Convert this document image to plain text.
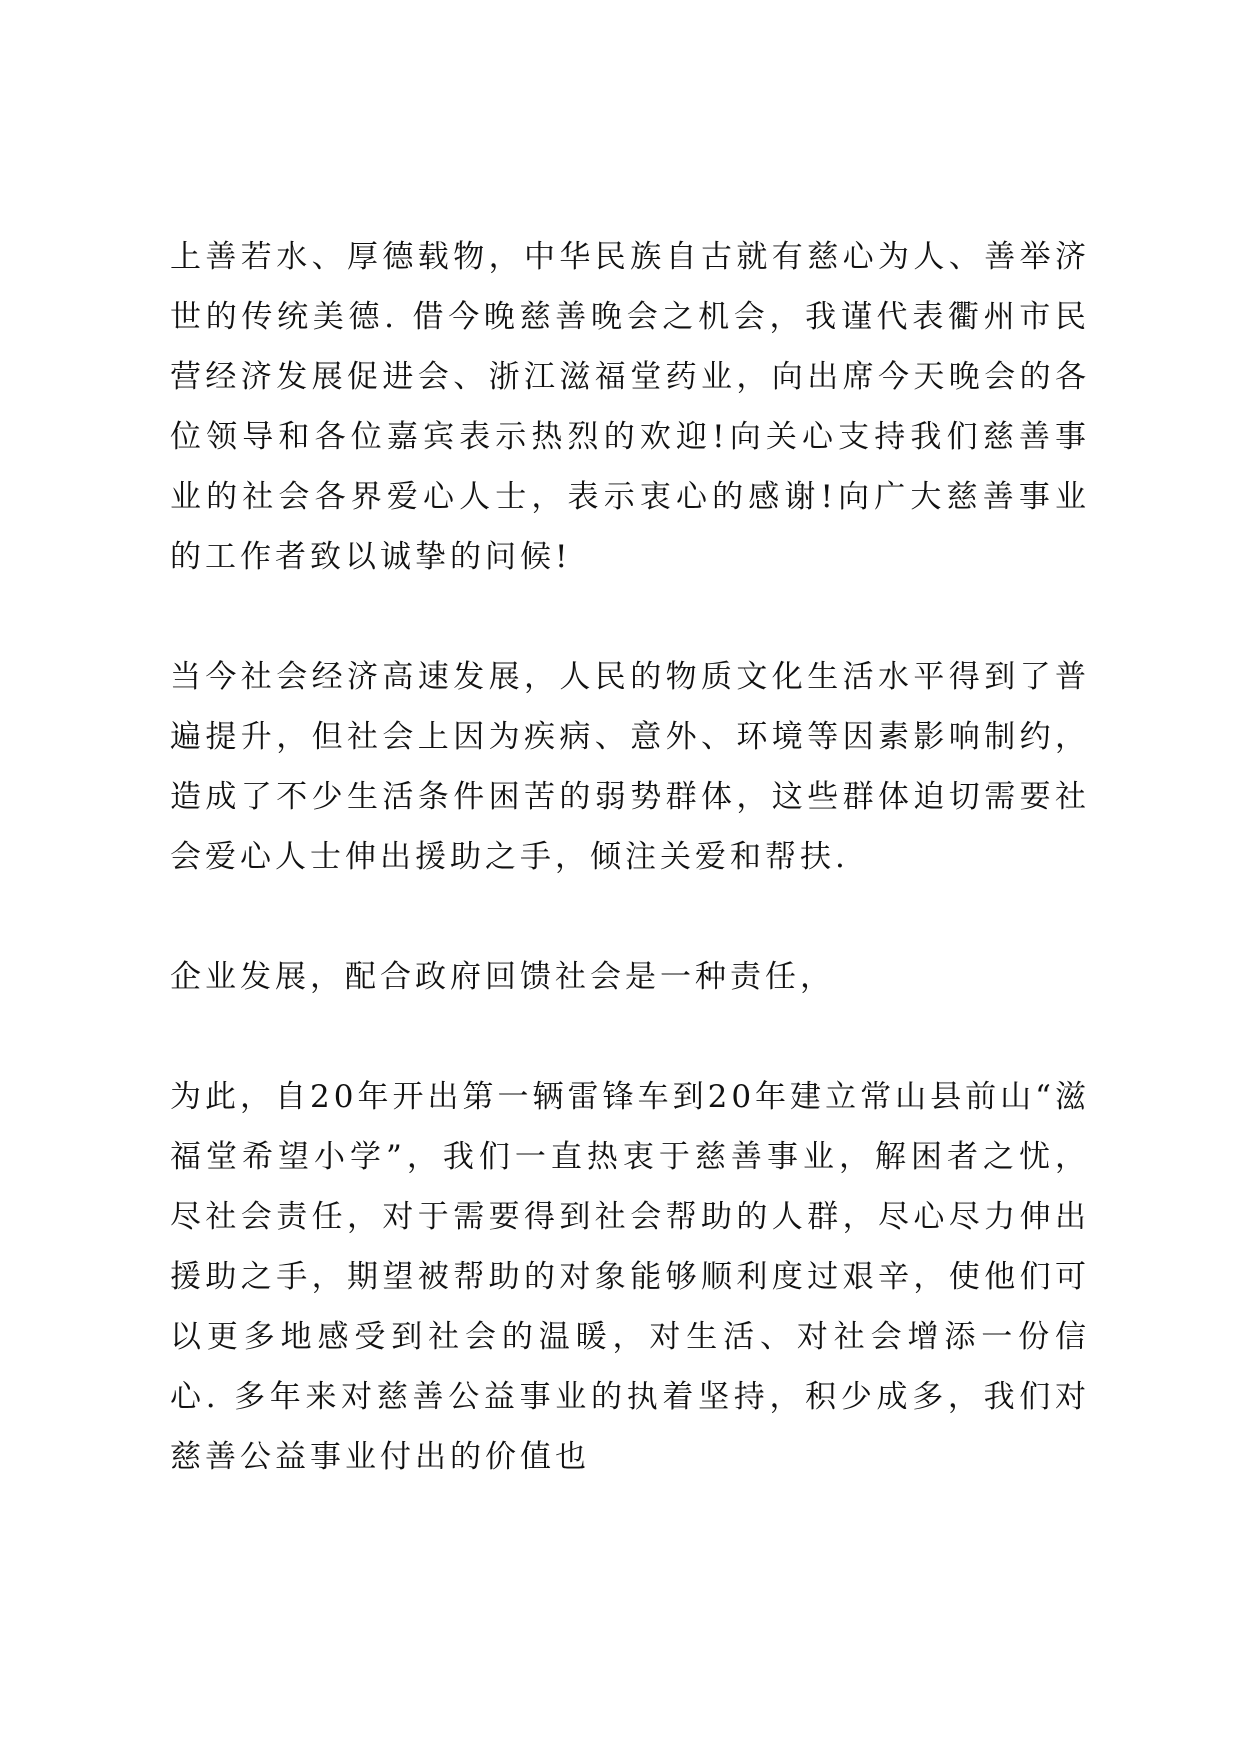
上善若水、厚德载物，中华民族自古就有慈心为人、善举济世的传统美德. 借今晚慈善晚会之机会，我谨代表衢州市民营经济发展促进会、浙江滋福堂药业，向出席今天晚会的各位领导和各位嘉宾表示热烈的欢迎!向关心支持我们慈善事业的社会各界爱心人士，表示衷心的感谢!向广大慈善事业的工作者致以诚挚的问候!

当今社会经济高速发展，人民的物质文化生活水平得到了普遍提升，但社会上因为疾病、意外、环境等因素影响制约，造成了不少生活条件困苦的弱势群体，这些群体迫切需要社会爱心人士伸出援助之手，倾注关爱和帮扶.

企业发展，配合政府回馈社会是一种责任，

为此，自20年开出第一辆雷锋车到20年建立常山县前山“滋福堂希望小学”，我们一直热衷于慈善事业，解困者之忧，尽社会责任，对于需要得到社会帮助的人群，尽心尽力伸出援助之手，期望被帮助的对象能够顺利度过艰辛，使他们可以更多地感受到社会的温暖，对生活、对社会增添一份信心. 多年来对慈善公益事业的执着坚持，积少成多，我们对慈善公益事业付出的价值也
